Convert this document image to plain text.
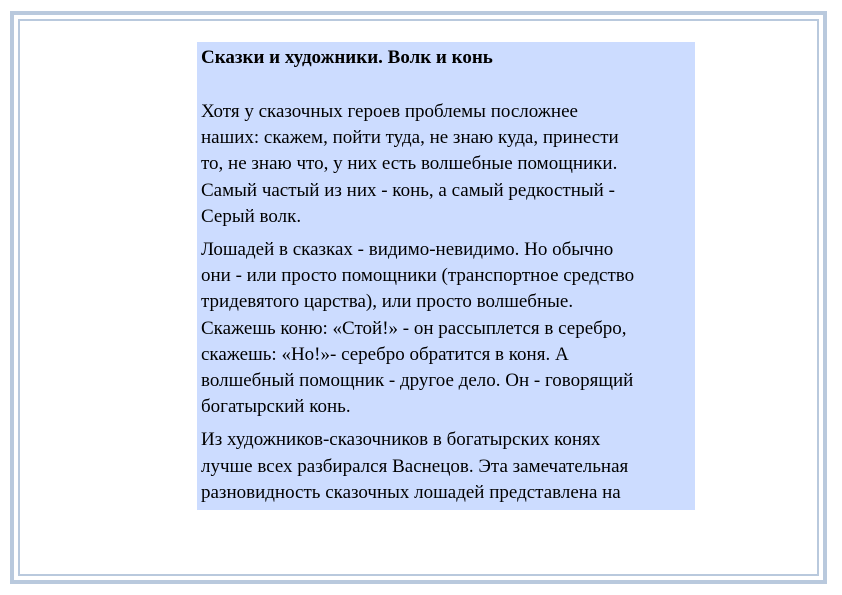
Сказки и художники. Волк и конь
Хотя у сказочных героев проблемы посложнее
наших: скажем, пойти туда, не знаю куда, принести
то, не знаю что, у них есть волшебные помощники.
Самый частый из них - конь, а самый редкостный -
Серый волк.
Лошадей в сказках - видимо-невидимо. Но обычно
они - или просто помощники (транспортное средство
тридевятого царства), или просто волшебные.
Скажешь коню: «Стой!» - он рассыплется в серебро,
скажешь: «Но!»- серебро обратится в коня. А
волшебный помощник - другое дело. Он - говорящий
богатырский конь.
Из художников-сказочников в богатырских конях
лучше всех разбирался Васнецов. Эта замечательная
разновидность сказочных лошадей представлена на
